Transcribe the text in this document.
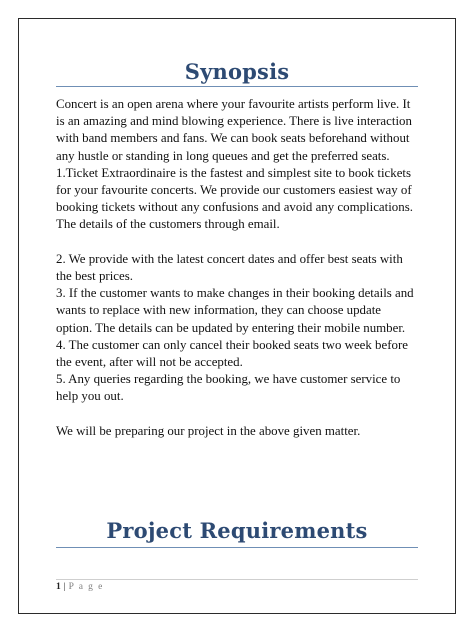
Synopsis

Concert is an open arena where your favourite artists perform live. It is an amazing and mind blowing experience. There is live interaction with band members and fans. We can book seats beforehand without any hustle or standing in long queues and get the preferred seats.

1.Ticket Extraordinaire is the fastest and simplest site to book tickets for your favourite concerts. We provide our customers easiest way of booking tickets without any confusions and avoid any complications. The details of the customers through email.

2. We provide with the latest concert dates and offer best seats with the best prices.

3. If the customer wants to make changes in their booking details and wants to replace with new information, they can choose update option. The details can be updated by entering their mobile number.

4. The customer can only cancel their booked seats two week before the event, after will not be accepted.

5. Any queries regarding the booking, we have customer service to help you out.

We will be preparing our project in the above given matter.

Project Requirements
1 | P a g e
